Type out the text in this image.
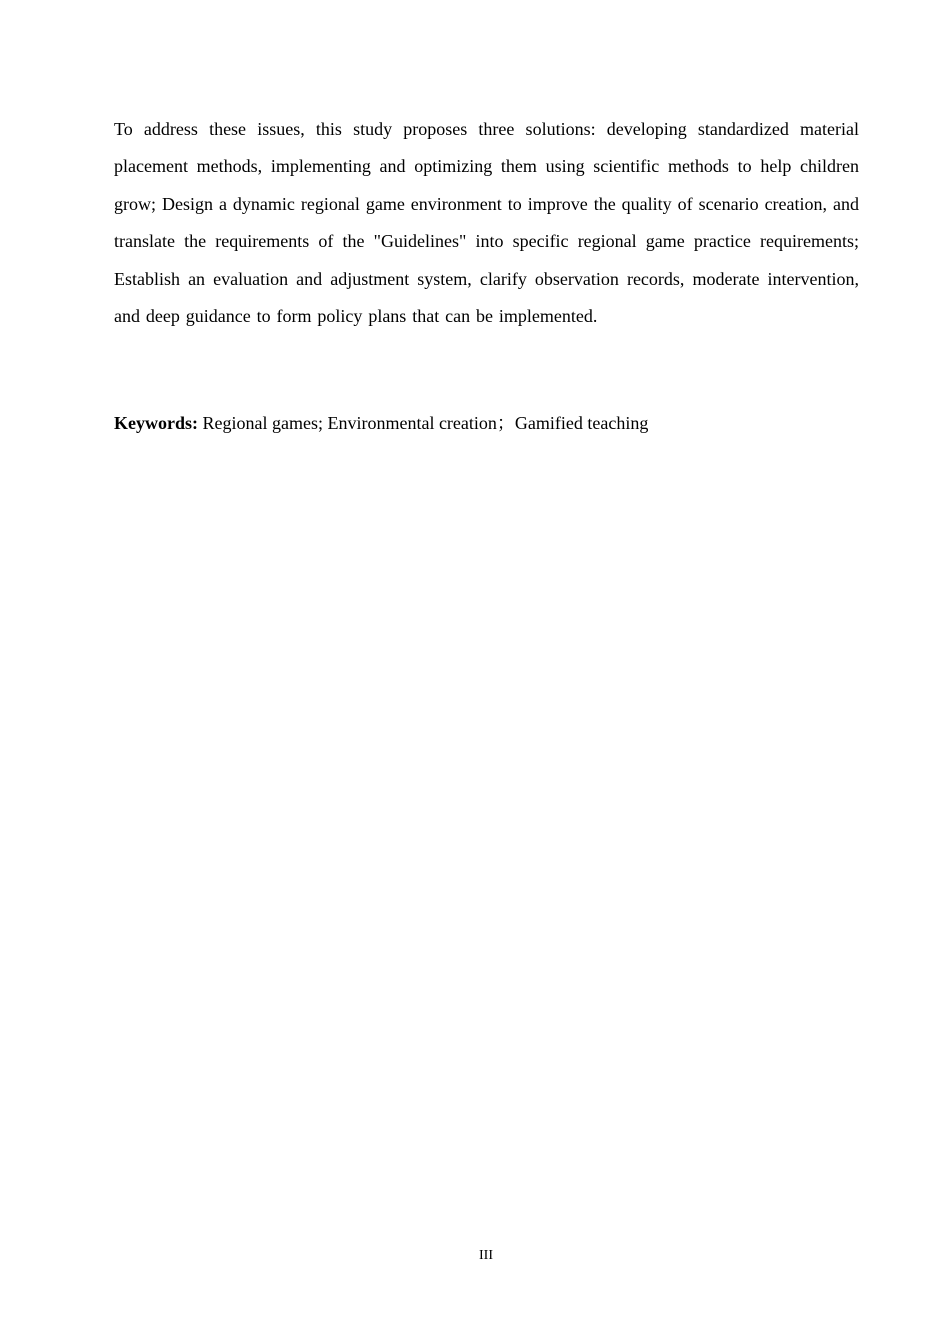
To address these issues, this study proposes three solutions: developing standardized material placement methods, implementing and optimizing them using scientific methods to help children grow; Design a dynamic regional game environment to improve the quality of scenario creation, and translate the requirements of the "Guidelines" into specific regional game practice requirements; Establish an evaluation and adjustment system, clarify observation records, moderate intervention, and deep guidance to form policy plans that can be implemented.

Keywords: Regional games; Environmental creation；Gamified teaching

III
